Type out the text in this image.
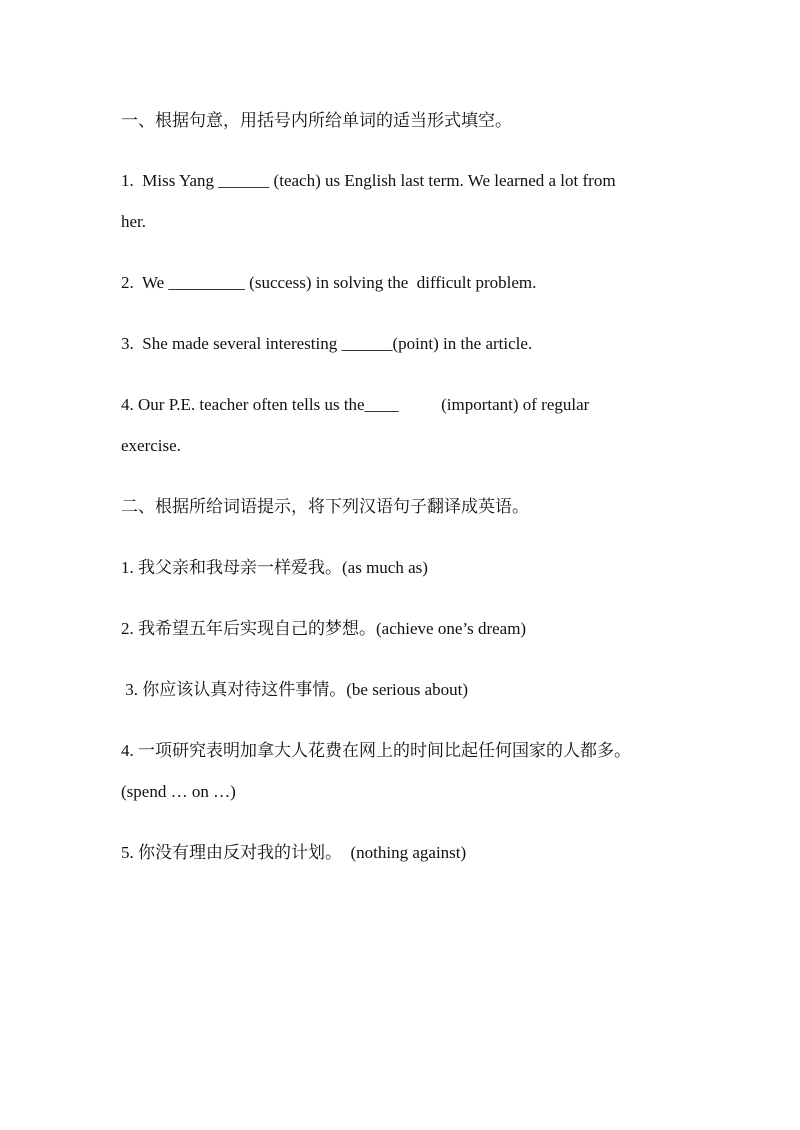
一、根据句意，用括号内所给单词的适当形式填空。
1.  Miss Yang ______ (teach) us English last term. We learned a lot from
her.
2.  We _________ (success) in solving the  difficult problem.
3.  She made several interesting ______(point) in the article.
4. Our P.E. teacher often tells us the____          (important) of regular
exercise.
二、根据所给词语提示，将下列汉语句子翻译成英语。
1. 我父亲和我母亲一样爱我。(as much as)
2. 我希望五年后实现自己的梦想。(achieve one’s dream)
3. 你应该认真对待这件事情。(be serious about)
4. 一项研究表明加拿大人花费在网上的时间比起任何国家的人都多。
(spend … on …)
5. 你没有理由反对我的计划。  (nothing against)
